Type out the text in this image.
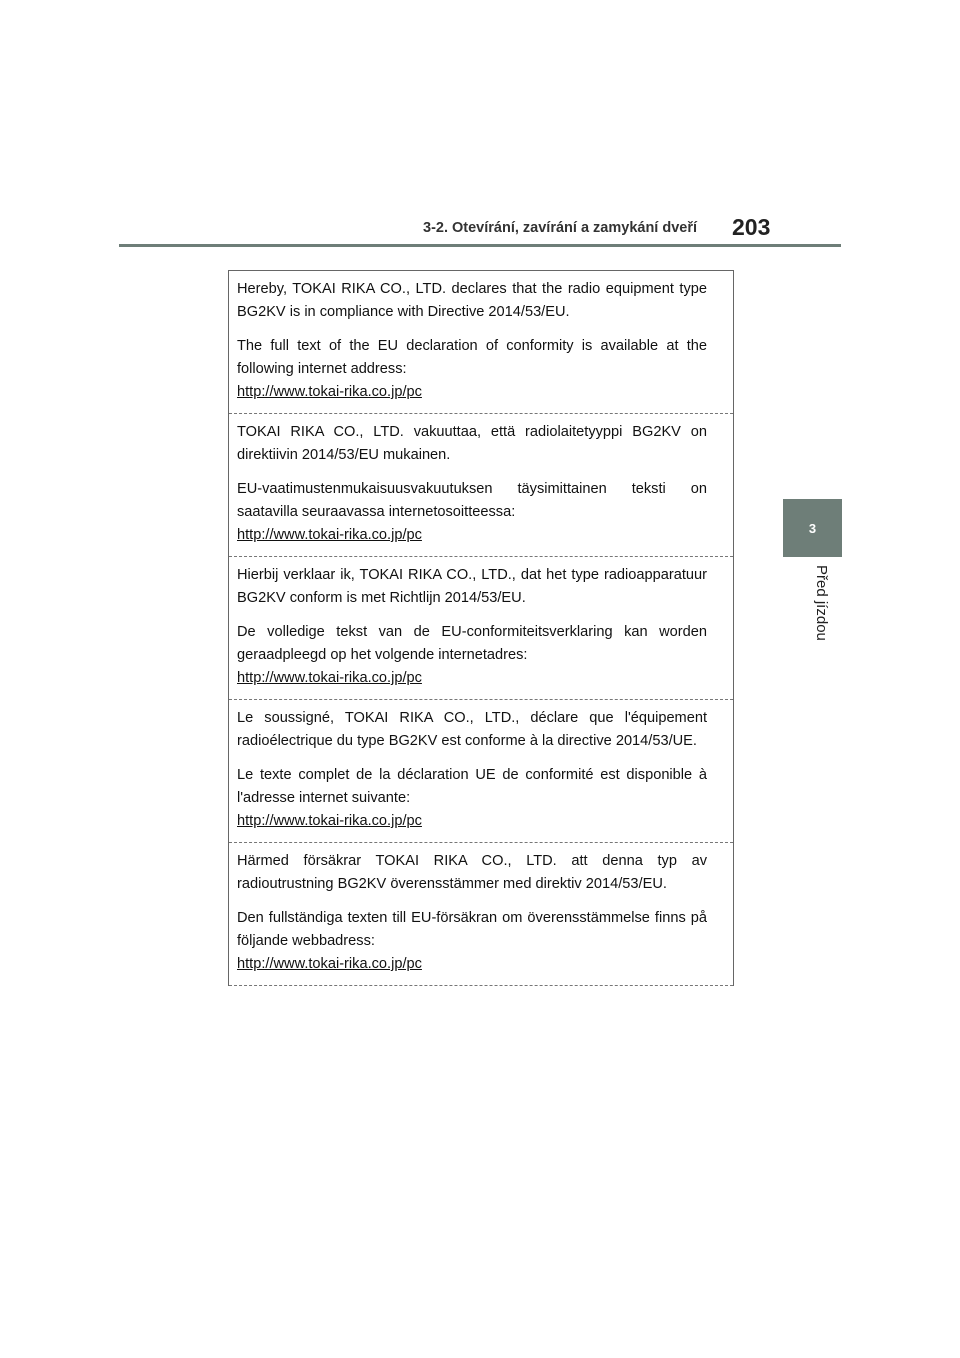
3-2. Otevírání, zavírání a zamykání dveří 203
3
Před jízdou

Hereby, TOKAI RIKA CO., LTD. declares that the radio equipment type BG2KV is in compliance with Directive 2014/53/EU.

The full text of the EU declaration of conformity is available at the following internet address:

http://www.tokai-rika.co.jp/pc

TOKAI RIKA CO., LTD. vakuuttaa, että radiolaitetyyppi BG2KV on direktiivin 2014/53/EU mukainen.

EU-vaatimustenmukaisuusvakuutuksen täysimittainen teksti on saatavilla seuraavassa internetosoitteessa:

http://www.tokai-rika.co.jp/pc

Hierbij verklaar ik, TOKAI RIKA CO., LTD., dat het type radioapparatuur BG2KV conform is met Richtlijn 2014/53/EU.

De volledige tekst van de EU-conformiteitsverklaring kan worden geraadpleegd op het volgende internetadres:

http://www.tokai-rika.co.jp/pc

Le soussigné, TOKAI RIKA CO., LTD., déclare que l'équipement radioélectrique du type BG2KV est conforme à la directive 2014/53/UE.

Le texte complet de la déclaration UE de conformité est disponible à l'adresse internet suivante:

http://www.tokai-rika.co.jp/pc

Härmed försäkrar TOKAI RIKA CO., LTD. att denna typ av radioutrustning BG2KV överensstämmer med direktiv 2014/53/EU.

Den fullständiga texten till EU-försäkran om överensstämmelse finns på följande webbadress:

http://www.tokai-rika.co.jp/pc
